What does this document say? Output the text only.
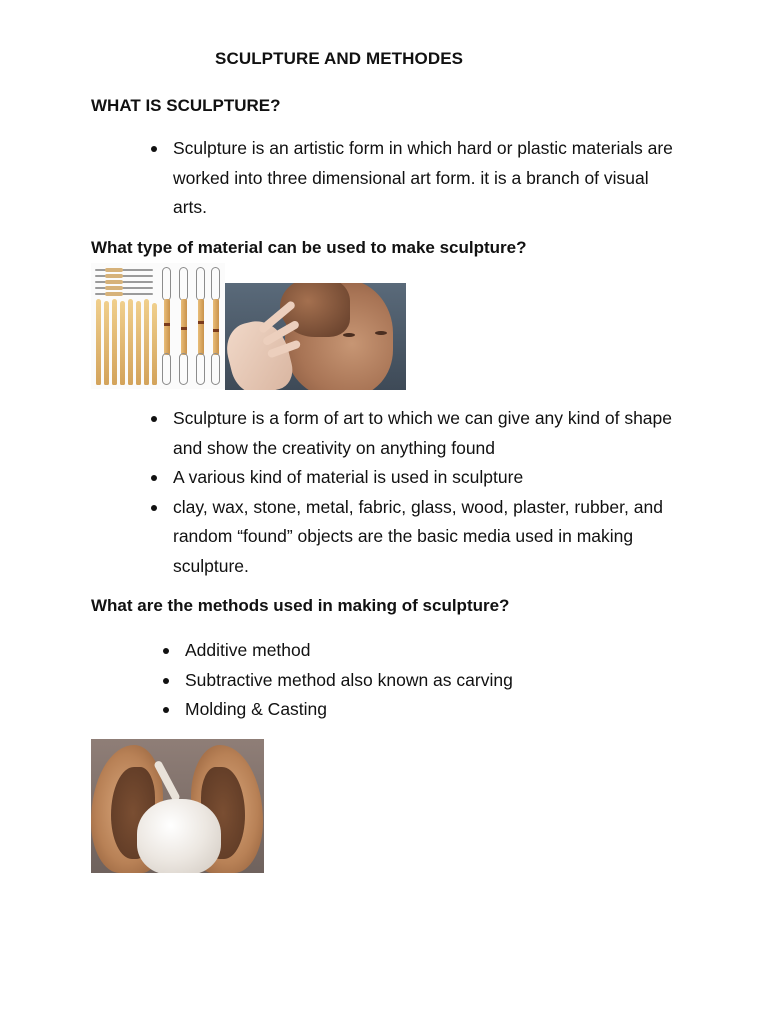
SCULPTURE AND METHODES
WHAT IS SCULPTURE?
Sculpture is an artistic form in which hard or plastic materials are worked into three dimensional art form. it is a branch of visual arts.
What type of material can be used to make sculpture?
Sculpture is a form of art to which we can give any kind of shape and show the creativity on anything found
A various kind of material is used in sculpture
clay, wax, stone, metal, fabric, glass, wood, plaster, rubber, and random “found” objects are the basic media used in making sculpture.
What are the methods used in making of sculpture?
Additive method
Subtractive method also known as carving
Molding & Casting
